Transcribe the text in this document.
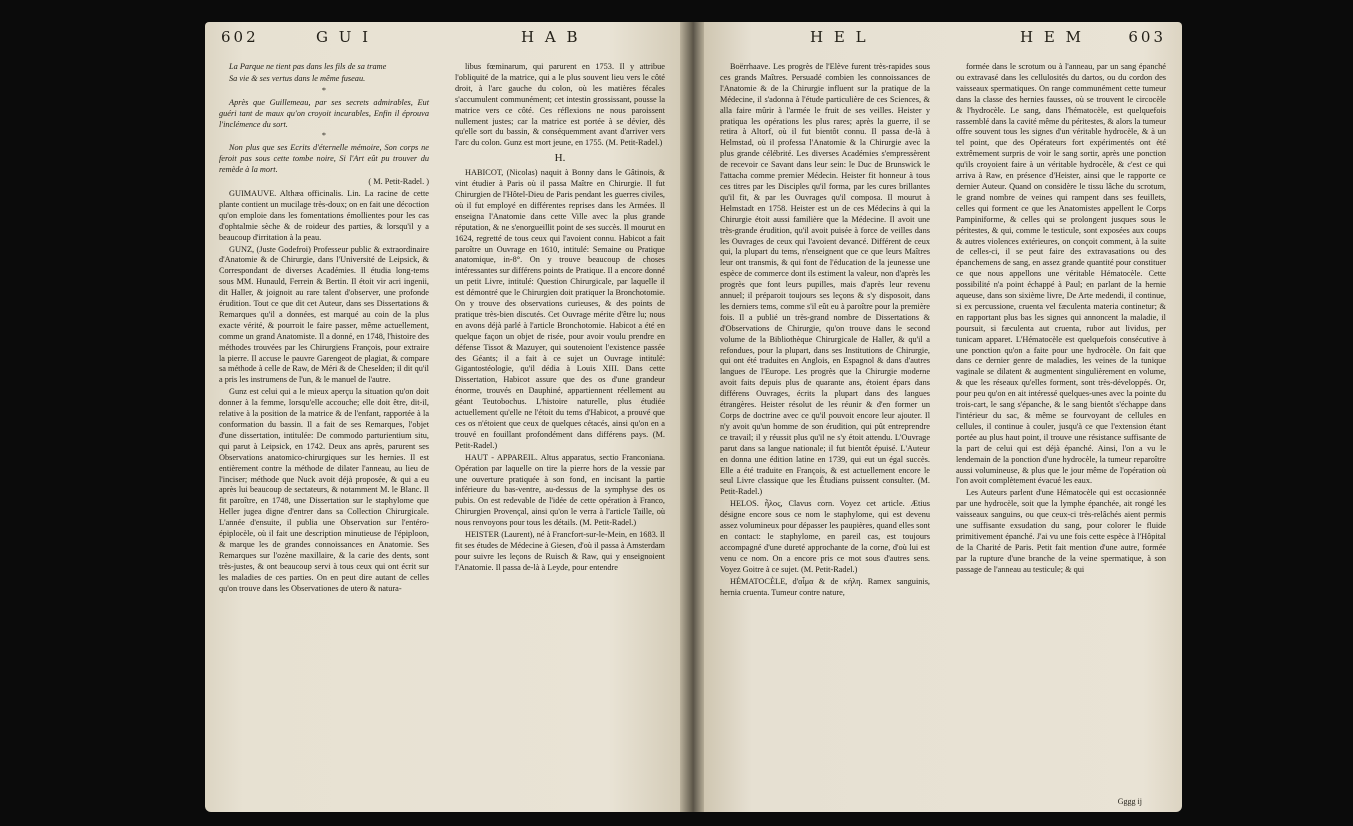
602	G U I	H A B

La Parque ne tient pas dans les fils de sa trame

Sa vie & ses vertus dans le même fuseau.

*

Après que Guillemeau, par ses secrets admirables, Eut guéri tant de maux qu'on croyoit incurables, Enfin il éprouva l'inclémence du sort.

*

Non plus que ses Ecrits d'éternelle mémoire, Son corps ne feroit pas sous cette tombe noire, Si l'Art eût pu trouver du remède à la mort.

( M. Petit-Radel. )

GUIMAUVE. Althæa officinalis. Lin. La racine de cette plante contient un mucilage très-doux; on en fait une décoction qu'on emploie dans les fomentations émollientes pour les cas d'ophtalmie sèche & de roideur des parties, & lorsqu'il y a beaucoup d'irritation à la peau.

GUNZ, (Juste Godefroi) Professeur public & extraordinaire d'Anatomie & de Chirurgie, dans l'Université de Leipsick, & Correspondant de diverses Académies. Il étudia long-tems sous MM. Hunauld, Ferrein & Bertin. Il étoit vir acri ingenii, dit Haller, & joignoit au rare talent d'observer, une profonde érudition. Tout ce que dit cet Auteur, dans ses Dissertations & Remarques qu'il a données, est marqué au coin de la plus exacte vérité, & pourroit le faire passer, même actuellement, comme un grand Anatomiste. Il a donné, en 1748, l'histoire des méthodes trouvées par les Chirurgiens François, pour extraire la pierre. Il accuse le pauvre Garengeot de plagiat, & compare sa méthode à celle de Raw, de Méri & de Cheselden; il dit qu'il a pris les instrumens de l'un, & le manuel de l'autre.

Gunz est celui qui a le mieux aperçu la situation qu'on doit donner à la femme, lorsqu'elle accouche; elle doit être, dit-il, relative à la position de la matrice & de l'enfant, rapportée à la conformation du bassin. Il a fait de ses Remarques, l'objet d'une dissertation, intitulée: De commodo parturientium situ, qui parut à Leipsick, en 1742. Deux ans après, parurent ses Observations anatomico-chirurgiques sur les hernies. Il est entièrement contre la méthode de dilater l'anneau, au lieu de l'inciser; méthode que Nuck avoit déjà proposée, & qui a eu après lui beaucoup de sectateurs, & notamment M. le Blanc. Il fit paroître, en 1748, une Dissertation sur le staphylome que Heller jugea digne d'entrer dans sa Collection Chirurgicale. L'année d'ensuite, il publia une Observation sur l'entéro-épiplocèle, où il fait une description minutieuse de l'épiploon, & marque les de grandes connoissances en Anatomie. Ses Remarques sur l'ozène maxillaire, & la carie des dents, sont très-justes, & ont beaucoup servi à tous ceux qui ont écrit sur les maladies de ces parties. On en peut dire autant de celles qu'on trouve dans les Observationes de utero & natura-

libus fœminarum, qui parurent en 1753. Il y attribue l'obliquité de la matrice, qui a le plus souvent lieu vers le côté droit, à l'arc gauche du colon, où les matières fécales s'accumulent communément; cet intestin grossissant, pousse la matrice vers ce côté. Ces réflexions ne nous paroissent nullement justes; car la matrice est portée à se dévier, dès qu'elle sort du bassin, & conséquemment avant d'arriver vers l'arc du colon. Gunz est mort jeune, en 1755. (M. Petit-Radel.)

H.

HABICOT, (Nicolas) naquit à Bonny dans le Gâtinois, & vint étudier à Paris où il passa Maître en Chirurgie. Il fut Chirurgien de l'Hôtel-Dieu de Paris pendant les guerres civiles, où il fut employé en différentes reprises dans les Armées. Il enseigna l'Anatomie dans cette Ville avec la plus grande réputation, & ne s'enorgueillit point de ses succès. Il mourut en 1624, regretté de tous ceux qui l'avoient connu. Habicot a fait paroître un Ouvrage en 1610, intitulé: Semaine ou Pratique anatomique, in-8°. On y trouve beaucoup de choses intéressantes sur différens points de Pratique. Il a encore donné un petit Livre, intitulé: Question Chirurgicale, par laquelle il est démontré que le Chirurgien doit pratiquer la Bronchotomie. On y trouve des observations curieuses, & des points de pratique très-bien discutés. Cet Ouvrage mérite d'être lu; nous en avons déjà parlé à l'article Bronchotomie. Habicot a été en quelque façon un objet de risée, pour avoir voulu prendre en défense Tissot & Mazuyer, qui soutenoient l'existence passée des Géants; il a fait à ce sujet un Ouvrage intitulé: Gigantostéologie, qu'il dédia à Louis XIII. Dans cette Dissertation, Habicot assure que des os d'une grandeur énorme, trouvés en Dauphiné, appartiennent réellement au géant Teutobochus. L'histoire naturelle, plus étudiée actuellement qu'elle ne l'étoit du tems d'Habicot, a prouvé que ces os n'étoient que ceux de quelques cétacés, ainsi qu'on en a trouvé en fouillant profondément dans différens pays. (M. Petit-Radel.)

HAUT - APPAREIL. Altus apparatus, sectio Franconiana. Opération par laquelle on tire la pierre hors de la vessie par une ouverture pratiquée à son fond, en incisant la partie inférieure du bas-ventre, au-dessus de la symphyse des os pubis. On est redevable de l'idée de cette opération à Franco, Chirurgien Provençal, ainsi qu'on le verra à l'article Taille, où nous renvoyons pour tous les détails. (M. Petit-Radel.)

HEISTER (Laurent), né à Francfort-sur-le-Mein, en 1683. Il fit ses études de Médecine à Giesen, d'où il passa à Amsterdam pour suivre les leçons de Ruisch & Raw, qui y enseignoient l'Anatomie. Il passa de-là à Leyde, pour entendre

H E L	H E M	603

Boërrhaave. Les progrès de l'Elève furent très-rapides sous ces grands Maîtres. Persuadé combien les connoissances de l'Anatomie & de la Chirurgie influent sur la pratique de la Médecine, il s'adonna à l'étude particulière de ces Sciences, & alla faire mûrir à l'armée le fruit de ses veilles. Heister y pratiqua les opérations les plus rares; après la guerre, il se retira à Altorf, où il fut bientôt connu. Il passa de-là à Helmstad, où il professa l'Anatomie & la Chirurgie avec la plus grande célébrité. Les diverses Académies s'empressèrent de recevoir ce Savant dans leur sein: le Duc de Brunswick le l'attacha comme premier Médecin. Heister fit honneur à tous ces titres par les Disciples qu'il forma, par les cures brillantes qu'il fit, & par les Ouvrages qu'il composa. Il mourut à Helmstadt en 1758. Heister est un de ces Médecins à qui la Chirurgie étoit aussi familière que la Médecine. Il avoit une très-grande érudition, qu'il avoit puisée à force de veilles dans les Ouvrages de ceux qui l'avoient devancé. Différent de ceux qui, la plupart du tems, n'enseignent que ce que leurs Maîtres leur ont transmis, & qui font de l'éducation de la jeunesse une espèce de commerce dont ils estiment la valeur, non d'après les progrès que font leurs pupilles, mais d'après leur revenu annuel; il préparoit toujours ses leçons & s'y disposoit, dans les derniers tems, comme s'il eût eu à paroître pour la première fois. Il a publié un très-grand nombre de Dissertations & d'Observations de Chirurgie, qu'on trouve dans le second volume de la Bibliothèque Chirurgicale de Haller, & qu'il a refondues, pour la plupart, dans ses Institutions de Chirurgie, qui ont été traduites en Anglois, en Espagnol & dans d'autres langues de l'Europe. Les progrès que la Chirurgie moderne avoit faits depuis plus de quarante ans, étoient épars dans différens Ouvrages, écrits la plupart dans des langues étrangères. Heister résolut de les réunir & d'en former un Corps de doctrine avec ce qu'il pouvoit encore leur ajouter. Il n'y avoit qu'un homme de son érudition, qui pût entreprendre ce travail; il y réussit plus qu'il ne s'y étoit attendu. L'Ouvrage parut dans sa langue nationale; il fut bientôt épuisé. L'Auteur en donna une édition latine en 1739, qui eut un égal succès. Elle a été traduite en François, & est actuellement encore le seul Livre classique que les Étudians puissent consulter. (M. Petit-Radel.)

HELOS. ἧλος, Clavus corn. Voyez cet article. Ætius désigne encore sous ce nom le staphylome, qui est devenu assez volumineux pour dépasser les paupières, quand elles sont en contact: le staphylome, en pareil cas, est toujours accompagné d'une dureté approchante de la corne, d'où lui est venu ce nom. On a encore pris ce mot sous d'autres sens. Voyez Goitre à ce sujet. (M. Petit-Radel.)

HÉMATOCÈLE, d'αἷμα & de κήλη. Ramex sanguinis, hernia cruenta. Tumeur contre nature,

formée dans le scrotum ou à l'anneau, par un sang épanché ou extravasé dans les cellulosités du dartos, ou du cordon des vaisseaux spermatiques. On range communément cette tumeur dans la classe des hernies fausses, où se trouvent le circocèle & l'hydrocèle. Le sang, dans l'hématocèle, est quelquefois rassemblé dans la cavité même du péritestes, & alors la tumeur offre souvent tous les signes d'un véritable hydrocèle, & à un tel point, que des Opérateurs fort expérimentés ont été extrêmement surpris de voir le sang sortir, après une ponction qu'ils croyoient faire à un véritable hydrocèle, & c'est ce qui arriva à Raw, en présence d'Heister, ainsi que le rapporte ce dernier Auteur. Quand on considère le tissu lâche du scrotum, le grand nombre de veines qui rampent dans ses feuillets, celles qui forment ce que les Anatomistes appellent le Corps Pampiniforme, & celles qui se prolongent jusques sous le péritestes, & qui, comme le testicule, sont exposées aux coups & autres violences extérieures, on conçoit comment, à la suite de celles-ci, il se peut faire des extravasations ou des épanchemens de sang, en assez grande quantité pour constituer ce que nous appellons une véritable Hématocèle. Cette possibilité n'a point échappé à Paul; en parlant de la hernie aqueuse, dans son sixième livre, De Arte medendi, il continue, si ex percussione, cruenta vel fæculenta materia continetur; & en rapportant plus bas les signes qui annoncent la maladie, il poursuit, si fæculenta aut cruenta, rubor aut lividus, per tunicam apparet. L'Hématocèle est quelquefois consécutive à une ponction qu'on a faite pour une hydrocèle. On fait que dans ce dernier genre de maladies, les veines de la tunique vaginale se dilatent & augmentent singulièrement en volume, & que les réseaux qu'elles forment, sont très-développés. Or, pour peu qu'on en ait intéressé quelques-unes avec la pointe du trois-cart, le sang s'épanche, & le sang bientôt s'échappe dans l'intérieur du sac, & même se fourvoyant de cellules en cellules, il continue à couler, jusqu'à ce que l'extension étant portée au plus haut point, il trouve une résistance suffisante de la part de celui qui est déjà épanché. Ainsi, l'on a vu le lendemain de la ponction d'une hydrocèle, la tumeur reparoître aussi volumineuse, & plus que le jour même de l'opération où l'on avoit complètement évacué les eaux.

Les Auteurs parlent d'une Hématocèle qui est occasionnée par une hydrocèle, soit que la lymphe épanchée, ait rongé les vaisseaux sanguins, ou que ceux-ci très-relâchés aient permis une suffisante exsudation du sang, pour colorer le fluide primitivement épanché. J'ai vu une fois cette espèce à l'Hôpital de la Charité de Paris. Petit fait mention d'une autre, formée par la rupture d'une branche de la veine spermatique, à son passage de l'anneau au testicule; & qui

Gggg ij
